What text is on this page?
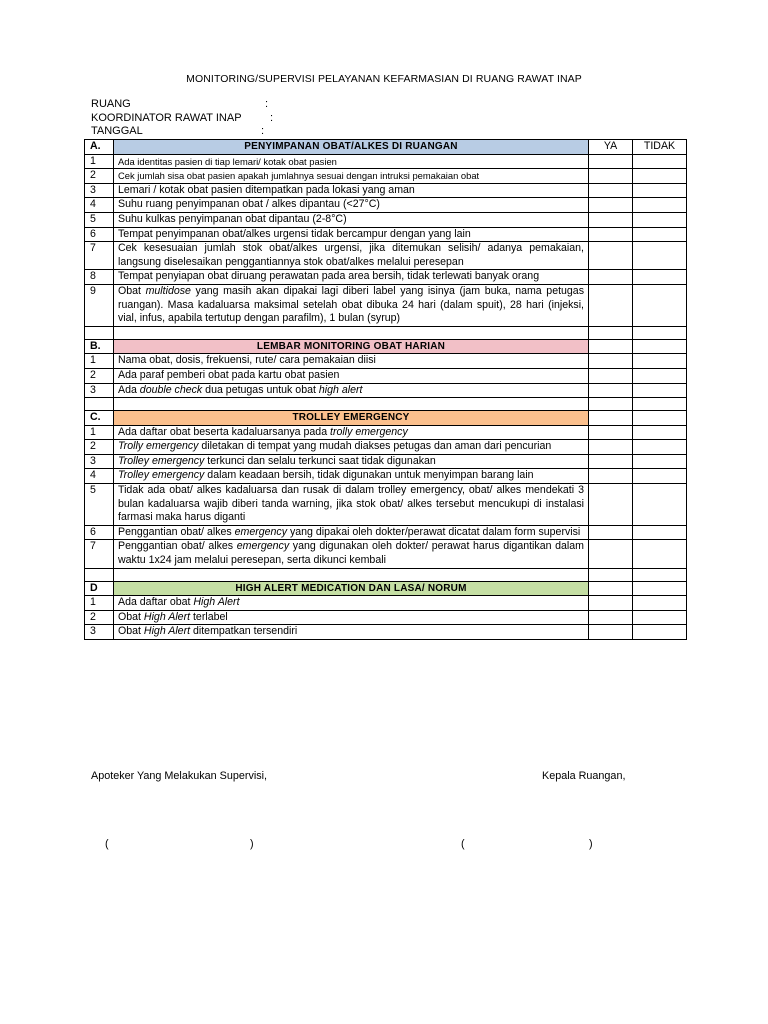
MONITORING/SUPERVISI PELAYANAN KEFARMASIAN DI RUANG RAWAT INAP
RUANG	:
KOORDINATOR RAWAT INAP	:
TANGGAL	:
A.	PENYIMPANAN OBAT/ALKES DI RUANGAN	YA	TIDAK
1	Ada identitas pasien di tiap lemari/ kotak obat pasien		
2	Cek jumlah sisa obat pasien apakah jumlahnya sesuai dengan intruksi pemakaian obat		
3	Lemari / kotak obat pasien ditempatkan pada lokasi yang aman		
4	Suhu ruang penyimpanan obat / alkes dipantau (<27°C)		
5	Suhu kulkas penyimpanan obat dipantau (2-8°C)		
6	Tempat penyimpanan obat/alkes urgensi tidak bercampur dengan yang lain		
7	Cek kesesuaian jumlah stok obat/alkes urgensi, jika ditemukan selisih/ adanya pemakaian, langsung diselesaikan penggantiannya stok obat/alkes melalui peresepan		
8	Tempat penyiapan obat diruang perawatan pada area bersih, tidak terlewati banyak orang		
9	Obat multidose yang masih akan dipakai lagi diberi label yang isinya (jam buka, nama petugas ruangan). Masa kadaluarsa maksimal setelah obat dibuka 24 hari (dalam spuit), 28 hari (injeksi, vial, infus, apabila tertutup dengan parafilm), 1 bulan (syrup)		

B.	LEMBAR MONITORING OBAT HARIAN		
1	Nama obat, dosis, frekuensi, rute/ cara pemakaian diisi		
2	Ada paraf pemberi obat pada kartu obat pasien		
3	Ada double check dua petugas untuk obat high alert		

C.	TROLLEY EMERGENCY		
1	Ada daftar obat beserta kadaluarsanya pada trolly emergency		
2	Trolly emergency diletakan di tempat yang mudah diakses petugas dan aman dari pencurian		
3	Trolley emergency terkunci dan selalu terkunci saat tidak digunakan		
4	Trolley emergency dalam keadaan bersih, tidak digunakan untuk menyimpan barang lain		
5	Tidak ada obat/ alkes kadaluarsa dan rusak di dalam trolley emergency, obat/ alkes mendekati 3 bulan kadaluarsa wajib diberi tanda warning, jika stok obat/ alkes tersebut mencukupi di instalasi farmasi maka harus diganti		
6	Penggantian obat/ alkes emergency yang dipakai oleh dokter/perawat dicatat dalam form supervisi		
7	Penggantian obat/ alkes emergency yang digunakan oleh dokter/ perawat harus digantikan dalam waktu 1x24 jam melalui peresepan, serta dikunci kembali		

D	HIGH ALERT MEDICATION DAN LASA/ NORUM		
1	Ada daftar obat High Alert		
2	Obat High Alert terlabel		
3	Obat High Alert ditempatkan tersendiri		
Apoteker Yang Melakukan Supervisi,	Kepala Ruangan,
(	)	(	)
